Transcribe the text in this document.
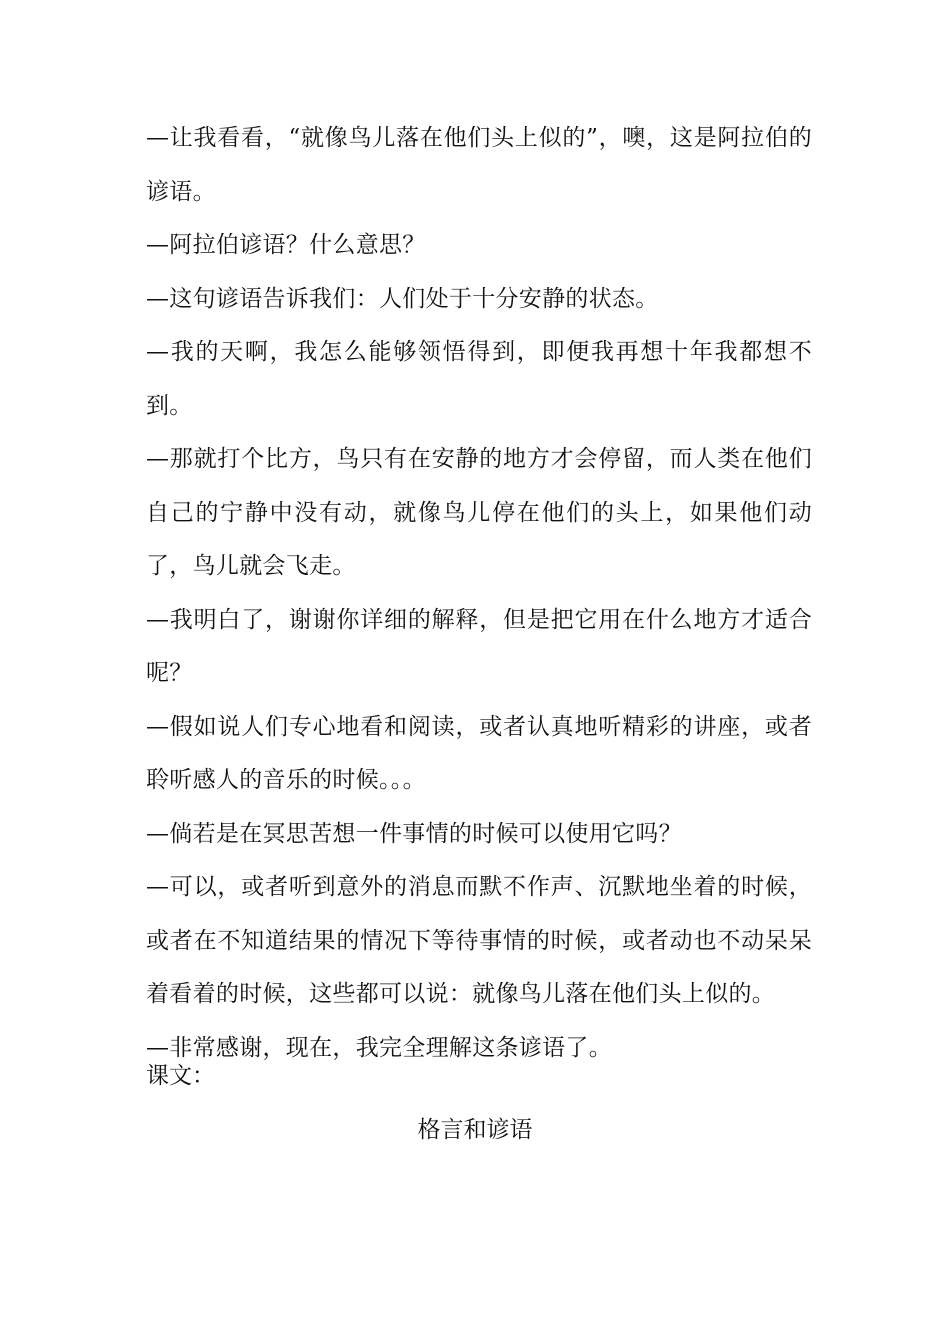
—让我看看，“就像鸟儿落在他们头上似的”，噢，这是阿拉伯的谚语。

—阿拉伯谚语？什么意思？

—这句谚语告诉我们：人们处于十分安静的状态。

—我的天啊，我怎么能够领悟得到，即便我再想十年我都想不到。

—那就打个比方，鸟只有在安静的地方才会停留，而人类在他们自己的宁静中没有动，就像鸟儿停在他们的头上，如果他们动了，鸟儿就会飞走。

—我明白了，谢谢你详细的解释，但是把它用在什么地方才适合呢？

—假如说人们专心地看和阅读，或者认真地听精彩的讲座，或者聆听感人的音乐的时候。。。

—倘若是在冥思苦想一件事情的时候可以使用它吗？

—可以，或者听到意外的消息而默不作声、沉默地坐着的时候，或者在不知道结果的情况下等待事情的时候，或者动也不动呆呆着看着的时候，这些都可以说：就像鸟儿落在他们头上似的。

—非常感谢，现在，我完全理解这条谚语了。

课文：
格言和谚语
